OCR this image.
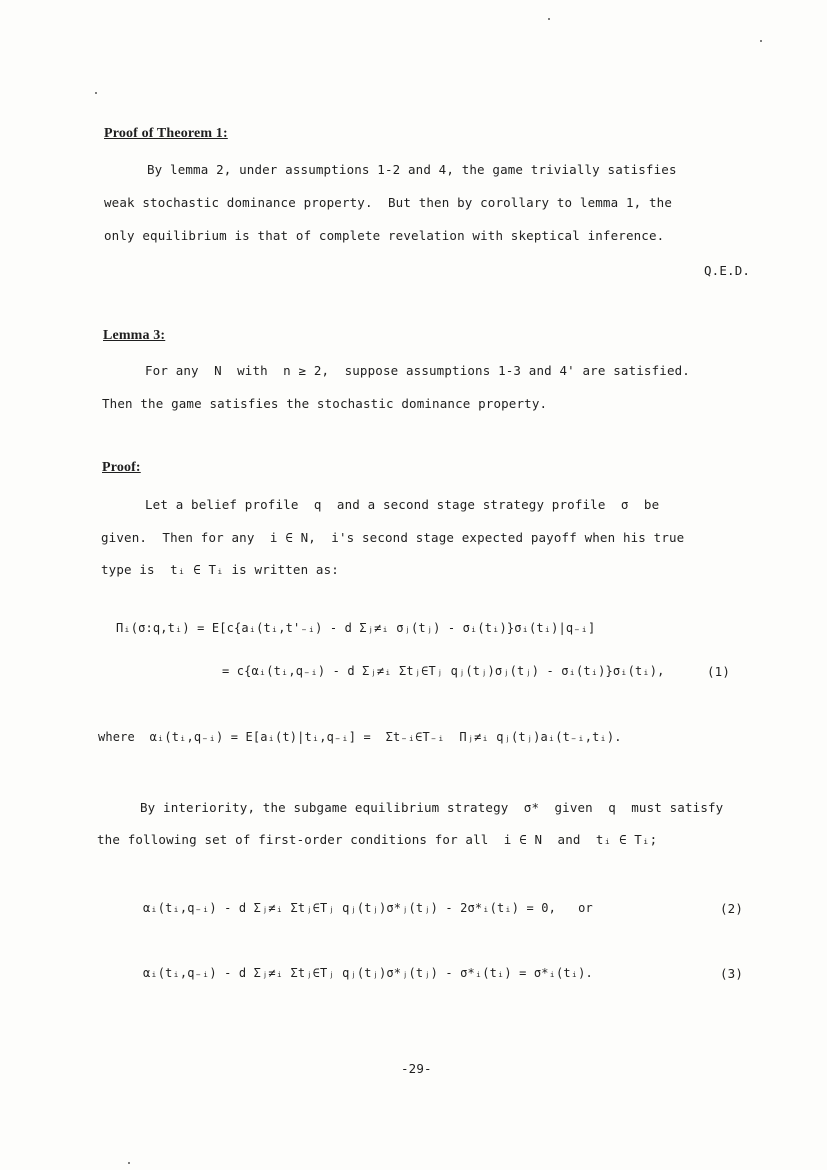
Proof of Theorem 1:
By lemma 2, under assumptions 1-2 and 4, the game trivially satisfies
weak stochastic dominance property.  But then by corollary to lemma 1, the
only equilibrium is that of complete revelation with skeptical inference.
Q.E.D.
Lemma 3:
For any  N  with  n ≥ 2,  suppose assumptions 1-3 and 4' are satisfied.
Then the game satisfies the stochastic dominance property.
Proof:
Let a belief profile  q  and a second stage strategy profile  σ  be
given.  Then for any  i ∈ N,  i's second stage expected payoff when his true
type is  tᵢ ∈ Tᵢ is written as:
Πᵢ(σ:q,tᵢ) = E[c{aᵢ(tᵢ,t'₋ᵢ) - d Σⱼ≠ᵢ σⱼ(tⱼ) - σᵢ(tᵢ)}σᵢ(tᵢ)|q₋ᵢ]
= c{αᵢ(tᵢ,q₋ᵢ) - d Σⱼ≠ᵢ Σtⱼ∈Tⱼ qⱼ(tⱼ)σⱼ(tⱼ) - σᵢ(tᵢ)}σᵢ(tᵢ),	(1)
where  αᵢ(tᵢ,q₋ᵢ) = E[aᵢ(t)|tᵢ,q₋ᵢ] =  Σt₋ᵢ∈T₋ᵢ  Πⱼ≠ᵢ qⱼ(tⱼ)aᵢ(t₋ᵢ,tᵢ).
By interiority, the subgame equilibrium strategy  σ*  given  q  must satisfy
the following set of first-order conditions for all  i ∈ N  and  tᵢ ∈ Tᵢ;
αᵢ(tᵢ,q₋ᵢ) - d Σⱼ≠ᵢ Σtⱼ∈Tⱼ qⱼ(tⱼ)σ*ⱼ(tⱼ) - 2σ*ᵢ(tᵢ) = 0,   or	(2)
αᵢ(tᵢ,q₋ᵢ) - d Σⱼ≠ᵢ Σtⱼ∈Tⱼ qⱼ(tⱼ)σ*ⱼ(tⱼ) - σ*ᵢ(tᵢ) = σ*ᵢ(tᵢ).	(3)
-29-
